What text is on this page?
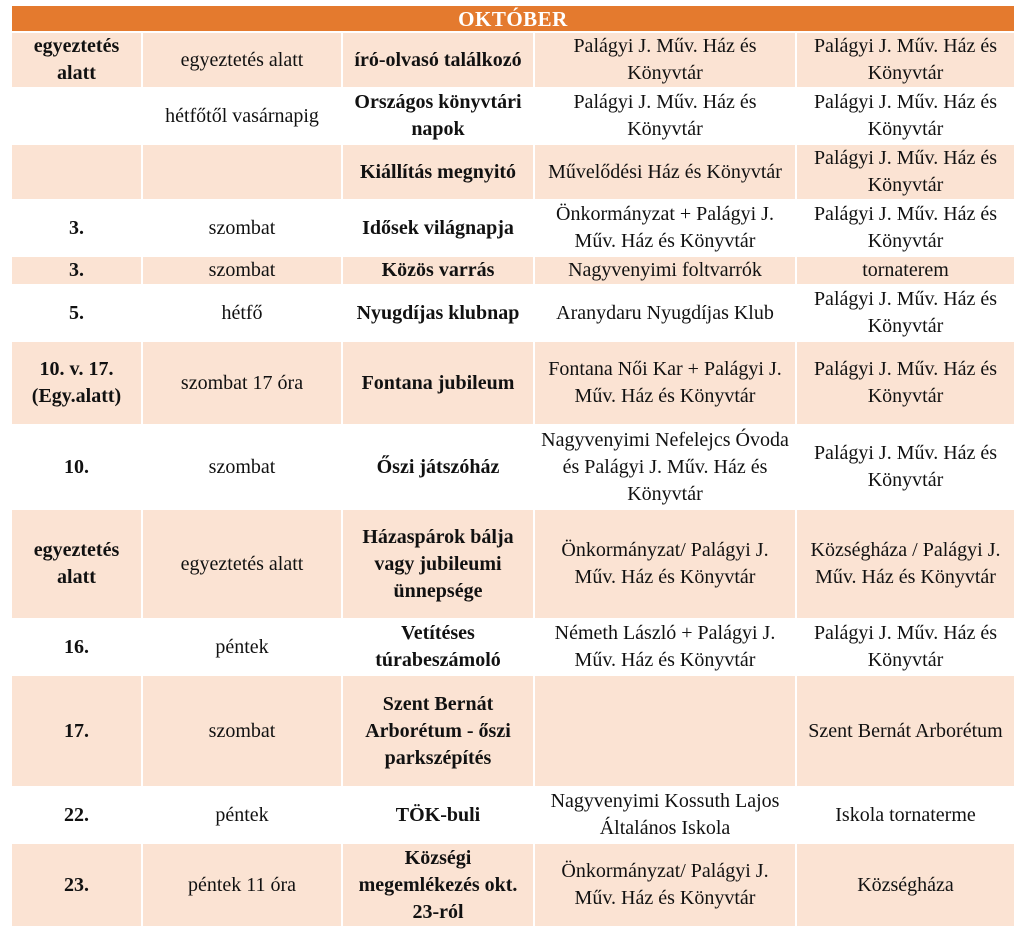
OKTÓBER				
egyeztetés alatt	egyeztetés alatt	író-olvasó találkozó	Palágyi J. Műv. Ház és Könyvtár	Palágyi J. Műv. Ház és Könyvtár
	hétfőtől vasárnapig	Országos könyvtári napok	Palágyi J. Műv. Ház és Könyvtár	Palágyi J. Műv. Ház és Könyvtár
		Kiállítás megnyitó	Művelődési Ház és Könyvtár	Palágyi J. Műv. Ház és Könyvtár
3.	szombat	Idősek világnapja	Önkormányzat + Palágyi J. Műv. Ház és Könyvtár	Palágyi J. Műv. Ház és Könyvtár
3.	szombat	Közös varrás	Nagyvenyimi foltvarrók	tornaterem
5.	hétfő	Nyugdíjas klubnap	Aranydaru Nyugdíjas Klub	Palágyi J. Műv. Ház és Könyvtár
10. v. 17. (Egy.alatt)	szombat 17 óra	Fontana jubileum	Fontana Női Kar + Palágyi J. Műv. Ház és Könyvtár	Palágyi J. Műv. Ház és Könyvtár
10.	szombat	Őszi játszóház	Nagyvenyimi Nefelejcs Óvoda és Palágyi J. Műv. Ház és Könyvtár	Palágyi J. Műv. Ház és Könyvtár
egyeztetés alatt	egyeztetés alatt	Házaspárok bálja vagy jubileumi ünnepsége	Önkormányzat/ Palágyi J. Műv. Ház és Könyvtár	Községháza / Palágyi J. Műv. Ház és Könyvtár
16.	péntek	Vetítéses túrabeszámoló	Németh László + Palágyi J. Műv. Ház és Könyvtár	Palágyi J. Műv. Ház és Könyvtár
17.	szombat	Szent Bernát Arborétum - őszi parkszépítés		Szent Bernát Arborétum
22.	péntek	TÖK-buli	Nagyvenyimi Kossuth Lajos Általános Iskola	Iskola tornaterme
23.	péntek 11 óra	Községi megemlékezés okt. 23-ról	Önkormányzat/ Palágyi J. Műv. Ház és Könyvtár	Községháza
